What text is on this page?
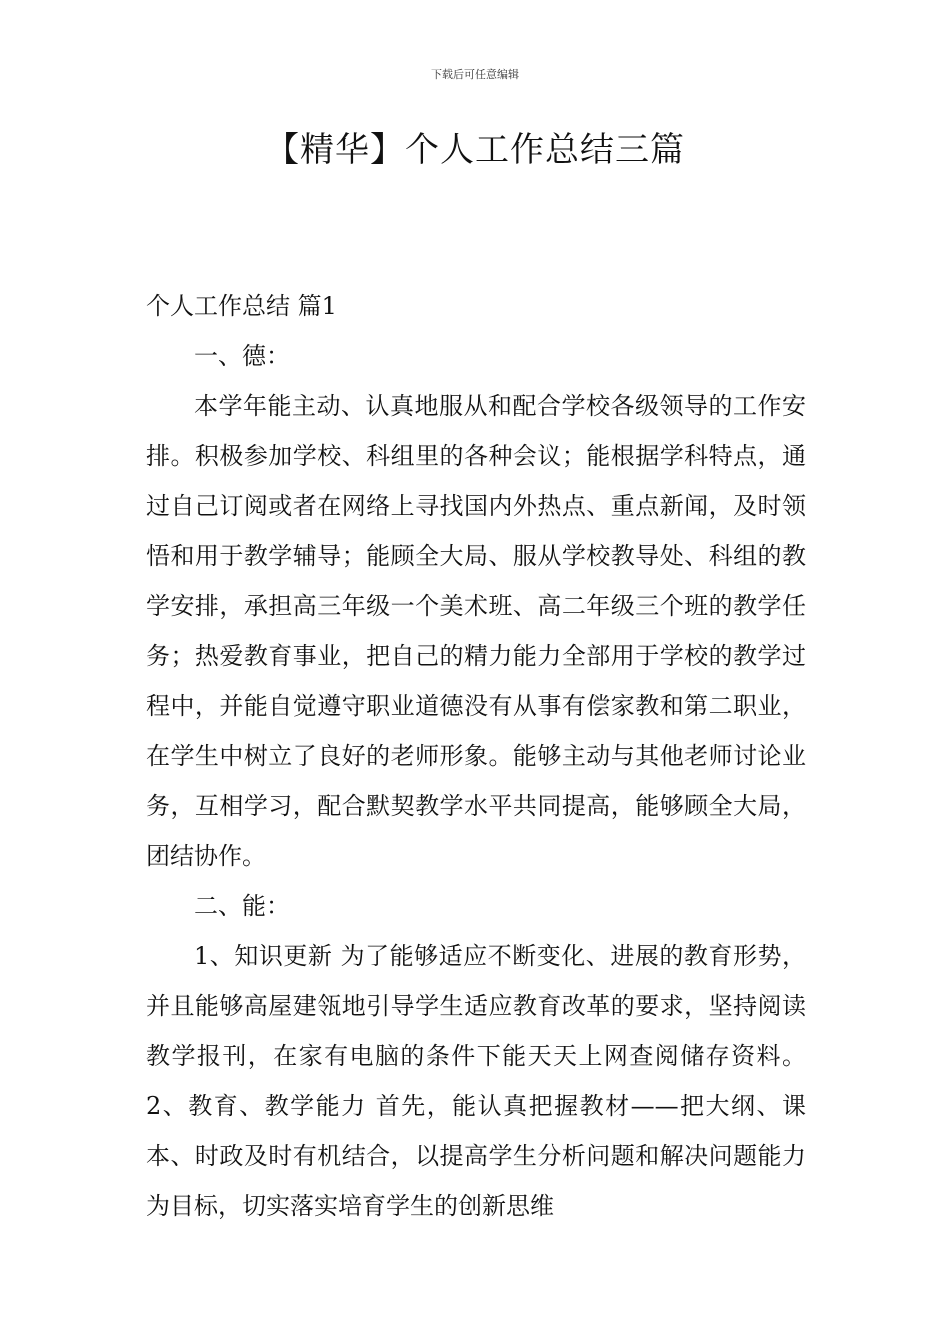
下载后可任意编辑
【精华】个人工作总结三篇

个人工作总结 篇1

一、德：

本学年能主动、认真地服从和配合学校各级领导的工作安排。积极参加学校、科组里的各种会议；能根据学科特点，通过自己订阅或者在网络上寻找国内外热点、重点新闻，及时领悟和用于教学辅导；能顾全大局、服从学校教导处、科组的教学安排，承担高三年级一个美术班、高二年级三个班的教学任务；热爱教育事业，把自己的精力能力全部用于学校的教学过程中，并能自觉遵守职业道德没有从事有偿家教和第二职业，在学生中树立了良好的老师形象。能够主动与其他老师讨论业务，互相学习，配合默契教学水平共同提高，能够顾全大局，团结协作。

二、能：

1、知识更新 为了能够适应不断变化、进展的教育形势，并且能够高屋建瓴地引导学生适应教育改革的要求，坚持阅读教学报刊，在家有电脑的条件下能天天上网查阅储存资料。 2、教育、教学能力 首先，能认真把握教材——把大纲、课本、时政及时有机结合，以提高学生分析问题和解决问题能力为目标，切实落实培育学生的创新思维
